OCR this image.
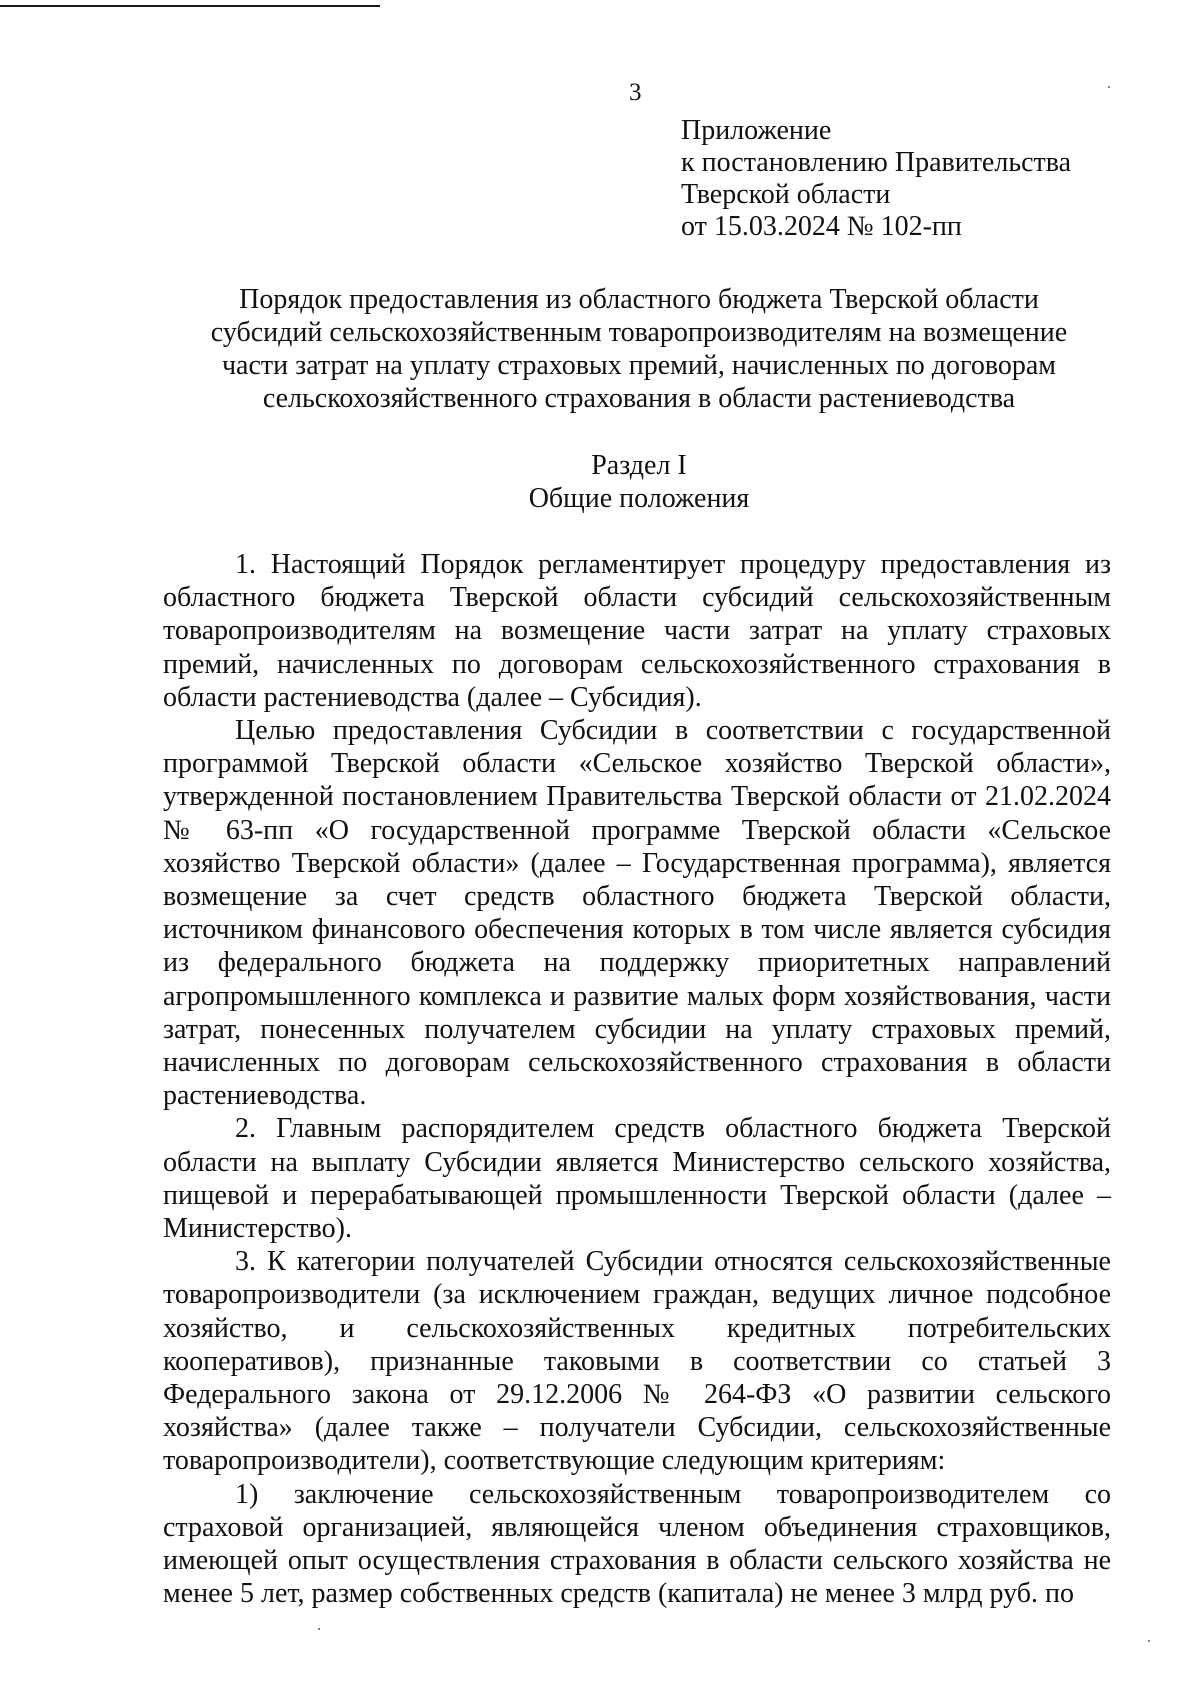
3
Приложение
к постановлению Правительства
Тверской области
от 15.03.2024 № 102-пп
Порядок предоставления из областного бюджета Тверской области
субсидий сельскохозяйственным товаропроизводителям на возмещение
части затрат на уплату страховых премий, начисленных по договорам
сельскохозяйственного страхования в области растениеводства
Раздел I
Общие положения

1. Настоящий Порядок регламентирует процедуру предоставления из областного бюджета Тверской области субсидий сельскохозяйственным товаропроизводителям на возмещение части затрат на уплату страховых премий, начисленных по договорам сельскохозяйственного страхования в области растениеводства (далее – Субсидия).

Целью предоставления Субсидии в соответствии с государственной программой Тверской области «Сельское хозяйство Тверской области», утвержденной постановлением Правительства Тверской области от 21.02.2024 № 63-пп «О государственной программе Тверской области «Сельское хозяйство Тверской области» (далее – Государственная программа), является возмещение за счет средств областного бюджета Тверской области, источником финансового обеспечения которых в том числе является субсидия из федерального бюджета на поддержку приоритетных направлений агропромышленного комплекса и развитие малых форм хозяйствования, части затрат, понесенных получателем субсидии на уплату страховых премий, начисленных по договорам сельскохозяйственного страхования в области растениеводства.

2. Главным распорядителем средств областного бюджета Тверской области на выплату Субсидии является Министерство сельского хозяйства, пищевой и перерабатывающей промышленности Тверской области (далее – Министерство).

3. К категории получателей Субсидии относятся сельскохозяйственные товаропроизводители (за исключением граждан, ведущих личное подсобное хозяйство, и сельскохозяйственных кредитных потребительских кооперативов), признанные таковыми в соответствии со статьей 3 Федерального закона от 29.12.2006 № 264-ФЗ «О развитии сельского хозяйства» (далее также – получатели Субсидии, сельскохозяйственные товаропроизводители), соответствующие следующим критериям:

1) заключение сельскохозяйственным товаропроизводителем со страховой организацией, являющейся членом объединения страховщиков, имеющей опыт осуществления страхования в области сельского хозяйства не менее 5 лет, размер собственных средств (капитала) не менее 3 млрд руб. по
